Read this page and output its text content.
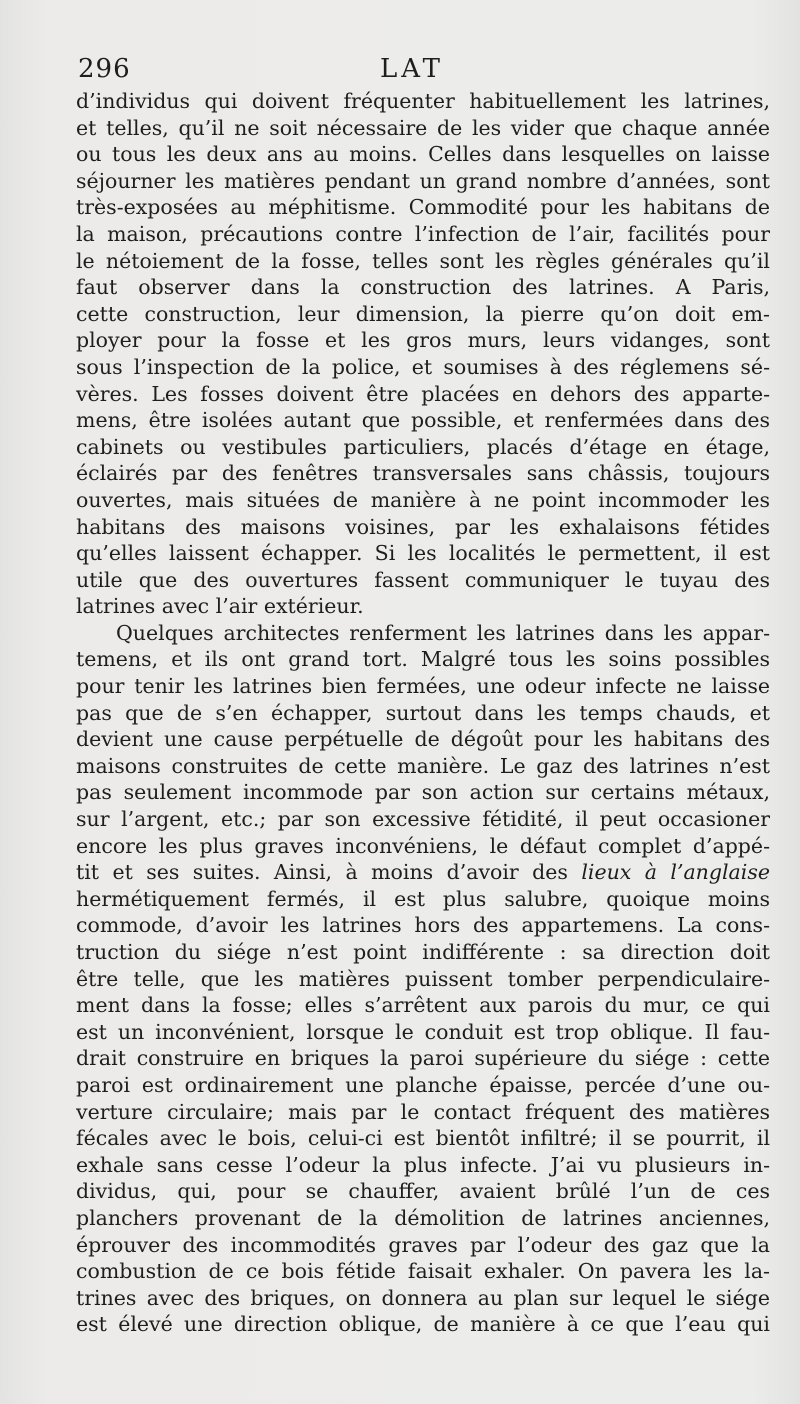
296	LAT
d’individus qui doivent fréquenter habituellement les latrines,
et telles, qu’il ne soit nécessaire de les vider que chaque année
ou tous les deux ans au moins. Celles dans lesquelles on laisse
séjourner les matières pendant un grand nombre d’années, sont
très-exposées au méphitisme. Commodité pour les habitans de
la maison, précautions contre l’infection de l’air, facilités pour
le nétoiement de la fosse, telles sont les règles générales qu’il
faut observer dans la construction des latrines. A Paris,
cette construction, leur dimension, la pierre qu’on doit em-
ployer pour la fosse et les gros murs, leurs vidanges, sont
sous l’inspection de la police, et soumises à des réglemens sé-
vères. Les fosses doivent être placées en dehors des apparte-
mens, être isolées autant que possible, et renfermées dans des
cabinets ou vestibules particuliers, placés d’étage en étage,
éclairés par des fenêtres transversales sans châssis, toujours
ouvertes, mais situées de manière à ne point incommoder les
habitans des maisons voisines, par les exhalaisons fétides
qu’elles laissent échapper. Si les localités le permettent, il est
utile que des ouvertures fassent communiquer le tuyau des
latrines avec l’air extérieur.
Quelques architectes renferment les latrines dans les appar-
temens, et ils ont grand tort. Malgré tous les soins possibles
pour tenir les latrines bien fermées, une odeur infecte ne laisse
pas que de s’en échapper, surtout dans les temps chauds, et
devient une cause perpétuelle de dégoût pour les habitans des
maisons construites de cette manière. Le gaz des latrines n’est
pas seulement incommode par son action sur certains métaux,
sur l’argent, etc.; par son excessive fétidité, il peut occasioner
encore les plus graves inconvéniens, le défaut complet d’appé-
tit et ses suites. Ainsi, à moins d’avoir des lieux à l’anglaise
hermétiquement fermés, il est plus salubre, quoique moins
commode, d’avoir les latrines hors des appartemens. La cons-
truction du siége n’est point indifférente : sa direction doit
être telle, que les matières puissent tomber perpendiculaire-
ment dans la fosse; elles s’arrêtent aux parois du mur, ce qui
est un inconvénient, lorsque le conduit est trop oblique. Il fau-
drait construire en briques la paroi supérieure du siége : cette
paroi est ordinairement une planche épaisse, percée d’une ou-
verture circulaire; mais par le contact fréquent des matières
fécales avec le bois, celui-ci est bientôt infiltré; il se pourrit, il
exhale sans cesse l’odeur la plus infecte. J’ai vu plusieurs in-
dividus, qui, pour se chauffer, avaient brûlé l’un de ces
planchers provenant de la démolition de latrines anciennes,
éprouver des incommodités graves par l’odeur des gaz que la
combustion de ce bois fétide faisait exhaler. On pavera les la-
trines avec des briques, on donnera au plan sur lequel le siége
est élevé une direction oblique, de manière à ce que l’eau qui
